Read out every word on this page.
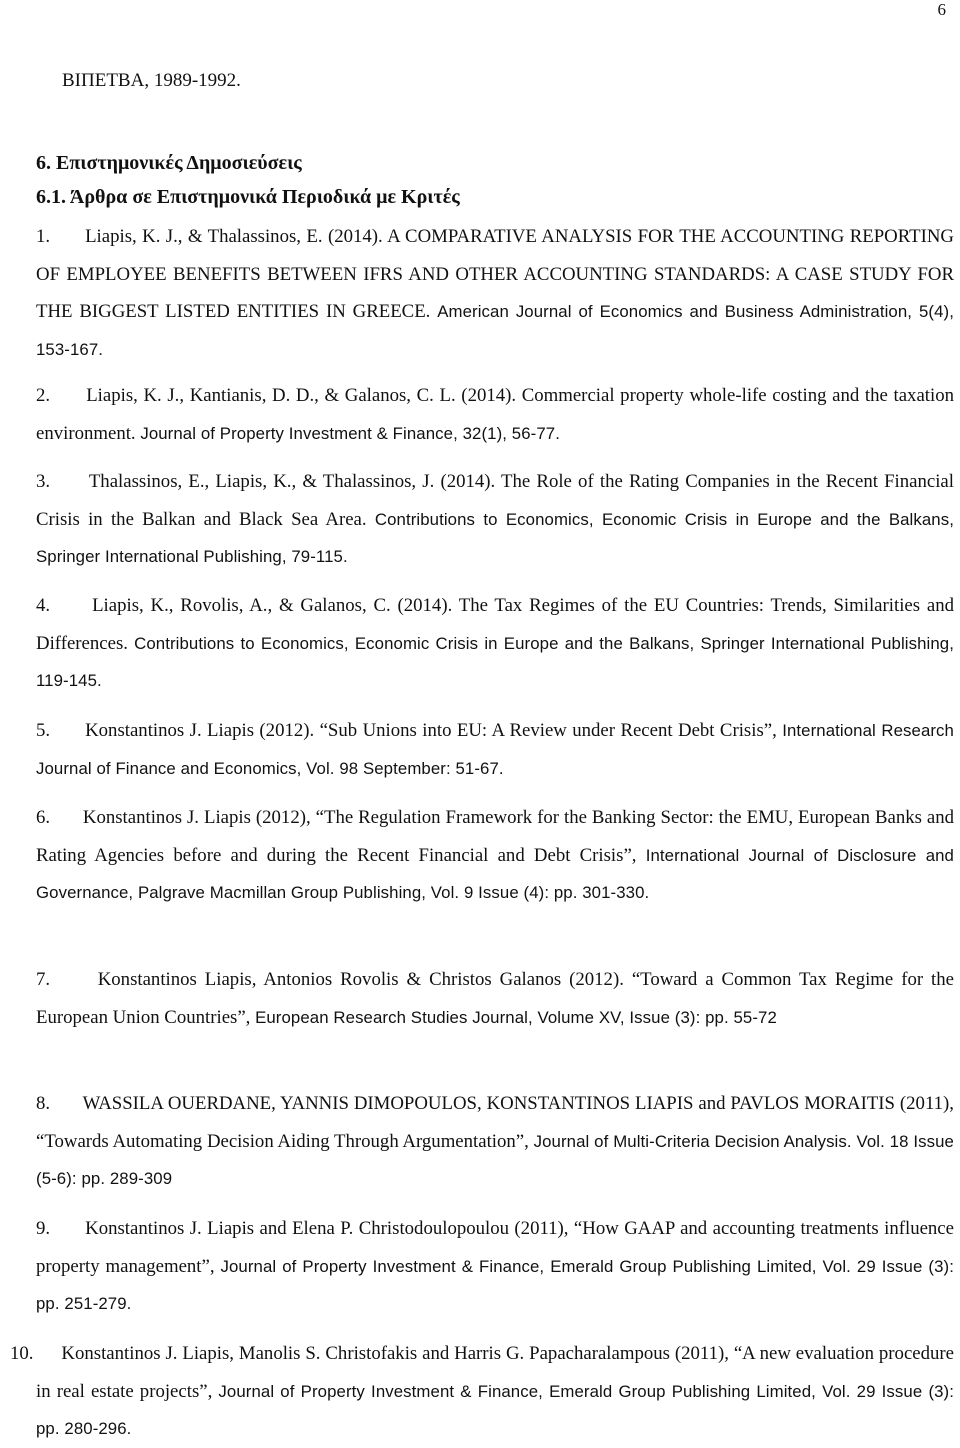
6
ΒΙΠΕΤΒΑ, 1989-1992.
6. Επιστημονικές Δημοσιεύσεις
6.1. Άρθρα σε Επιστημονικά Περιοδικά με Κριτές
1. Liapis, K. J., & Thalassinos, E. (2014). A COMPARATIVE ANALYSIS FOR THE ACCOUNTING REPORTING OF EMPLOYEE BENEFITS BETWEEN IFRS AND OTHER ACCOUNTING STANDARDS: A CASE STUDY FOR THE BIGGEST LISTED ENTITIES IN GREECE. American Journal of Economics and Business Administration, 5(4), 153-167.
2. Liapis, K. J., Kantianis, D. D., & Galanos, C. L. (2014). Commercial property whole-life costing and the taxation environment. Journal of Property Investment & Finance, 32(1), 56-77.
3. Thalassinos, E., Liapis, K., & Thalassinos, J. (2014). The Role of the Rating Companies in the Recent Financial Crisis in the Balkan and Black Sea Area. Contributions to Economics, Economic Crisis in Europe and the Balkans, Springer International Publishing, 79-115.
4. Liapis, K., Rovolis, A., & Galanos, C. (2014). The Tax Regimes of the EU Countries: Trends, Similarities and Differences. Contributions to Economics, Economic Crisis in Europe and the Balkans, Springer International Publishing, 119-145.
5. Konstantinos J. Liapis (2012). “Sub Unions into EU: A Review under Recent Debt Crisis”, International Research Journal of Finance and Economics, Vol. 98 September: 51-67.
6. Konstantinos J. Liapis (2012), “The Regulation Framework for the Banking Sector: the EMU, European Banks and Rating Agencies before and during the Recent Financial and Debt Crisis”, International Journal of Disclosure and Governance, Palgrave Macmillan Group Publishing, Vol. 9 Issue (4): pp. 301-330.
7.	Konstantinos Liapis, Antonios Rovolis & Christos Galanos (2012). “Toward a Common Tax Regime for the European Union Countries”, European Research Studies Journal, Volume XV, Issue (3): pp. 55-72
8. WASSILA OUERDANE, YANNIS DIMOPOULOS, KONSTANTINOS LIAPIS and PAVLOS MORAITIS (2011), “Towards Automating Decision Aiding Through Argumentation”, Journal of Multi-Criteria Decision Analysis. Vol. 18 Issue (5-6): pp. 289-309
9. Konstantinos J. Liapis and Elena P. Christodoulopoulou (2011), “How GAAP and accounting treatments influence property management”, Journal of Property Investment & Finance, Emerald Group Publishing Limited, Vol. 29 Issue (3): pp. 251-279.
10. Konstantinos J. Liapis, Manolis S. Christofakis and Harris G. Papacharalampous (2011), “A new evaluation procedure in real estate projects”, Journal of Property Investment & Finance, Emerald Group Publishing Limited, Vol. 29 Issue (3): pp. 280-296.
